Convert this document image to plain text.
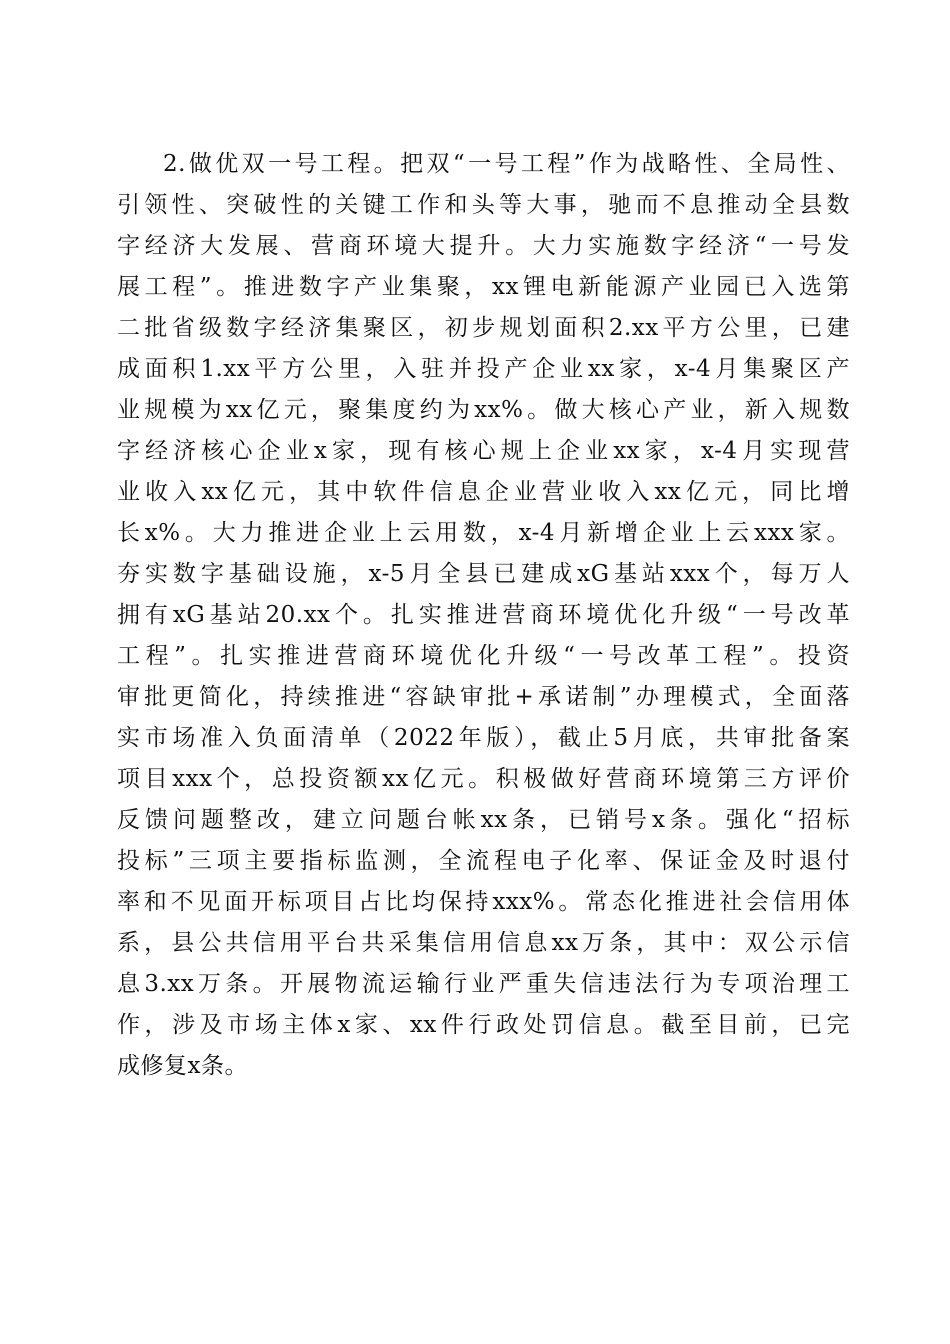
2.做优双一号工程。把双“一号工程”作为战略性、全局性、
引领性、突破性的关键工作和头等大事，驰而不息推动全县数
字经济大发展、营商环境大提升。大力实施数字经济“一号发
展工程”。推进数字产业集聚，xx锂电新能源产业园已入选第
二批省级数字经济集聚区，初步规划面积2.xx平方公里，已建
成面积1.xx平方公里，入驻并投产企业xx家，x-4月集聚区产
业规模为xx亿元，聚集度约为xx%。做大核心产业，新入规数
字经济核心企业x家，现有核心规上企业xx家，x-4月实现营
业收入xx亿元，其中软件信息企业营业收入xx亿元，同比增
长x%。大力推进企业上云用数，x-4月新增企业上云xxx家。
夯实数字基础设施，x-5月全县已建成xG基站xxx个，每万人
拥有xG基站20.xx个。扎实推进营商环境优化升级“一号改革
工程”。扎实推进营商环境优化升级“一号改革工程”。投资
审批更简化，持续推进“容缺审批+承诺制”办理模式，全面落
实市场准入负面清单（2022年版），截止5月底，共审批备案
项目xxx个，总投资额xx亿元。积极做好营商环境第三方评价
反馈问题整改，建立问题台帐xx条，已销号x条。强化“招标
投标”三项主要指标监测，全流程电子化率、保证金及时退付
率和不见面开标项目占比均保持xxx%。常态化推进社会信用体
系，县公共信用平台共采集信用信息xx万条，其中：双公示信
息3.xx万条。开展物流运输行业严重失信违法行为专项治理工
作，涉及市场主体x家、xx件行政处罚信息。截至目前，已完
成修复x条。
